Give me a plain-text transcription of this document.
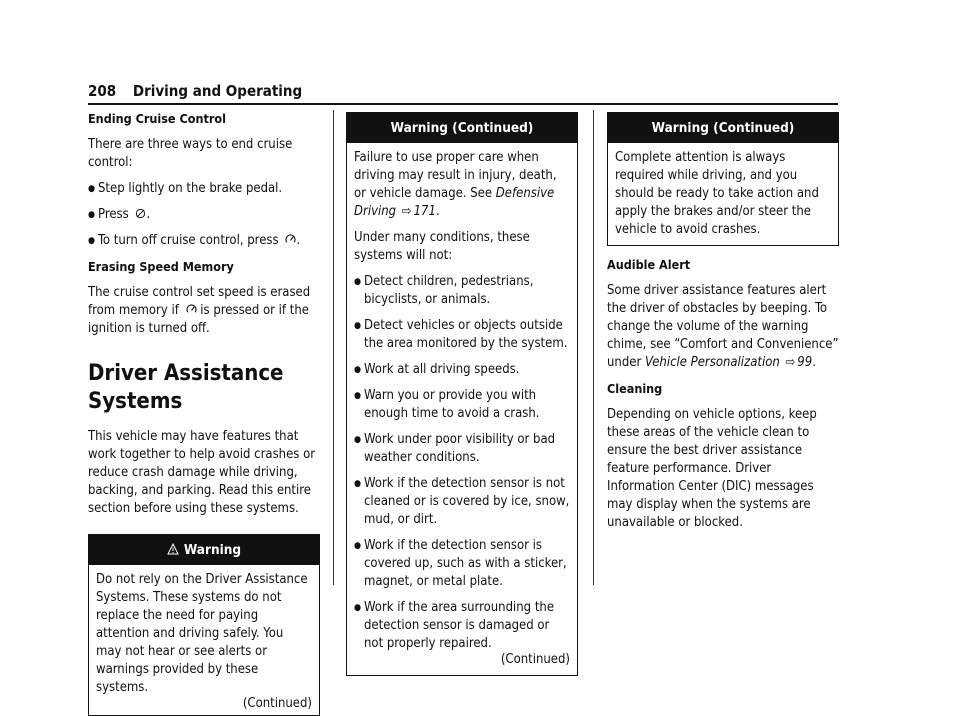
208 Driving and Operating

Ending Cruise Control

There are three ways to end cruise control:

● Step lightly on the brake pedal.
● Press .
● To turn off cruise control, press .

Erasing Speed Memory

The cruise control set speed is erased from memory if is pressed or if the ignition is turned off.

Driver Assistance Systems

This vehicle may have features that work together to help avoid crashes or reduce crash damage while driving, backing, and parking. Read this entire section before using these systems.

Warning

Do not rely on the Driver Assistance Systems. These systems do not replace the need for paying attention and driving safely. You may not hear or see alerts or warnings provided by these systems.

(Continued)

Warning (Continued)

Failure to use proper care when driving may result in injury, death, or vehicle damage. See Defensive Driving ⇨ 171.

Under many conditions, these systems will not:

● Detect children, pedestrians, bicyclists, or animals.
● Detect vehicles or objects outside the area monitored by the system.
● Work at all driving speeds.
● Warn you or provide you with enough time to avoid a crash.
● Work under poor visibility or bad weather conditions.
● Work if the detection sensor is not cleaned or is covered by ice, snow, mud, or dirt.
● Work if the detection sensor is covered up, such as with a sticker, magnet, or metal plate.
● Work if the area surrounding the detection sensor is damaged or not properly repaired.

(Continued)

Warning (Continued)

Complete attention is always required while driving, and you should be ready to take action and apply the brakes and/or steer the vehicle to avoid crashes.

Audible Alert

Some driver assistance features alert the driver of obstacles by beeping. To change the volume of the warning chime, see “Comfort and Convenience” under Vehicle Personalization ⇨ 99.

Cleaning

Depending on vehicle options, keep these areas of the vehicle clean to ensure the best driver assistance feature performance. Driver Information Center (DIC) messages may display when the systems are unavailable or blocked.
